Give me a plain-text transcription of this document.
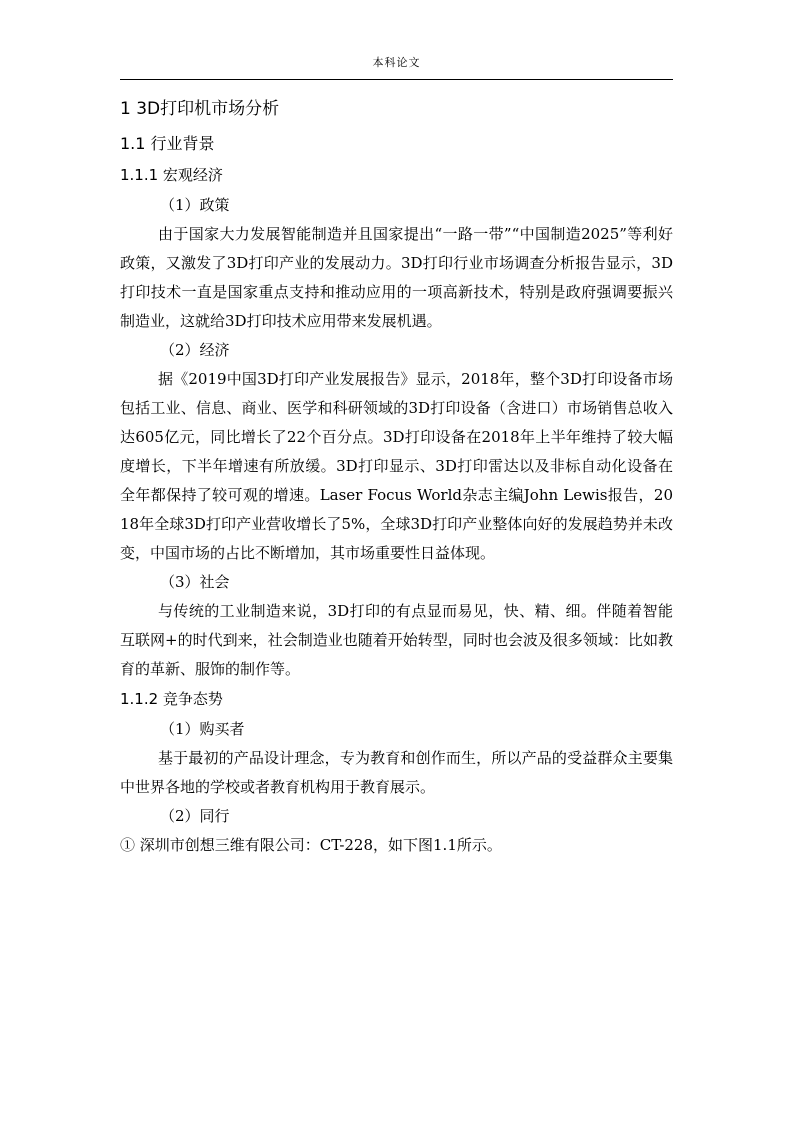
本科论文
1 3D打印机市场分析
1.1 行业背景
1.1.1 宏观经济

（1）政策

由于国家大力发展智能制造并且国家提出“一路一带”“中国制造2025”等利好政策，又激发了3D打印产业的发展动力。3D打印行业市场调查分析报告显示，3D打印技术一直是国家重点支持和推动应用的一项高新技术，特别是政府强调要振兴制造业，这就给3D打印技术应用带来发展机遇。

（2）经济

据《2019中国3D打印产业发展报告》显示，2018年，整个3D打印设备市场包括工业、信息、商业、医学和科研领域的3D打印设备（含进口）市场销售总收入达605亿元，同比增长了22个百分点。3D打印设备在2018年上半年维持了较大幅度增长，下半年增速有所放缓。3D打印显示、3D打印雷达以及非标自动化设备在全年都保持了较可观的增速。Laser Focus World杂志主编John Lewis报告，2018年全球3D打印产业营收增长了5%，全球3D打印产业整体向好的发展趋势并未改变，中国市场的占比不断增加，其市场重要性日益体现。

（3）社会

与传统的工业制造来说，3D打印的有点显而易见，快、精、细。伴随着智能互联网+的时代到来，社会制造业也随着开始转型，同时也会波及很多领域：比如教育的革新、服饰的制作等。

1.1.2 竞争态势

（1）购买者

基于最初的产品设计理念，专为教育和创作而生，所以产品的受益群众主要集中世界各地的学校或者教育机构用于教育展示。

（2）同行

① 深圳市创想三维有限公司：CT-228，如下图1.1所示。
